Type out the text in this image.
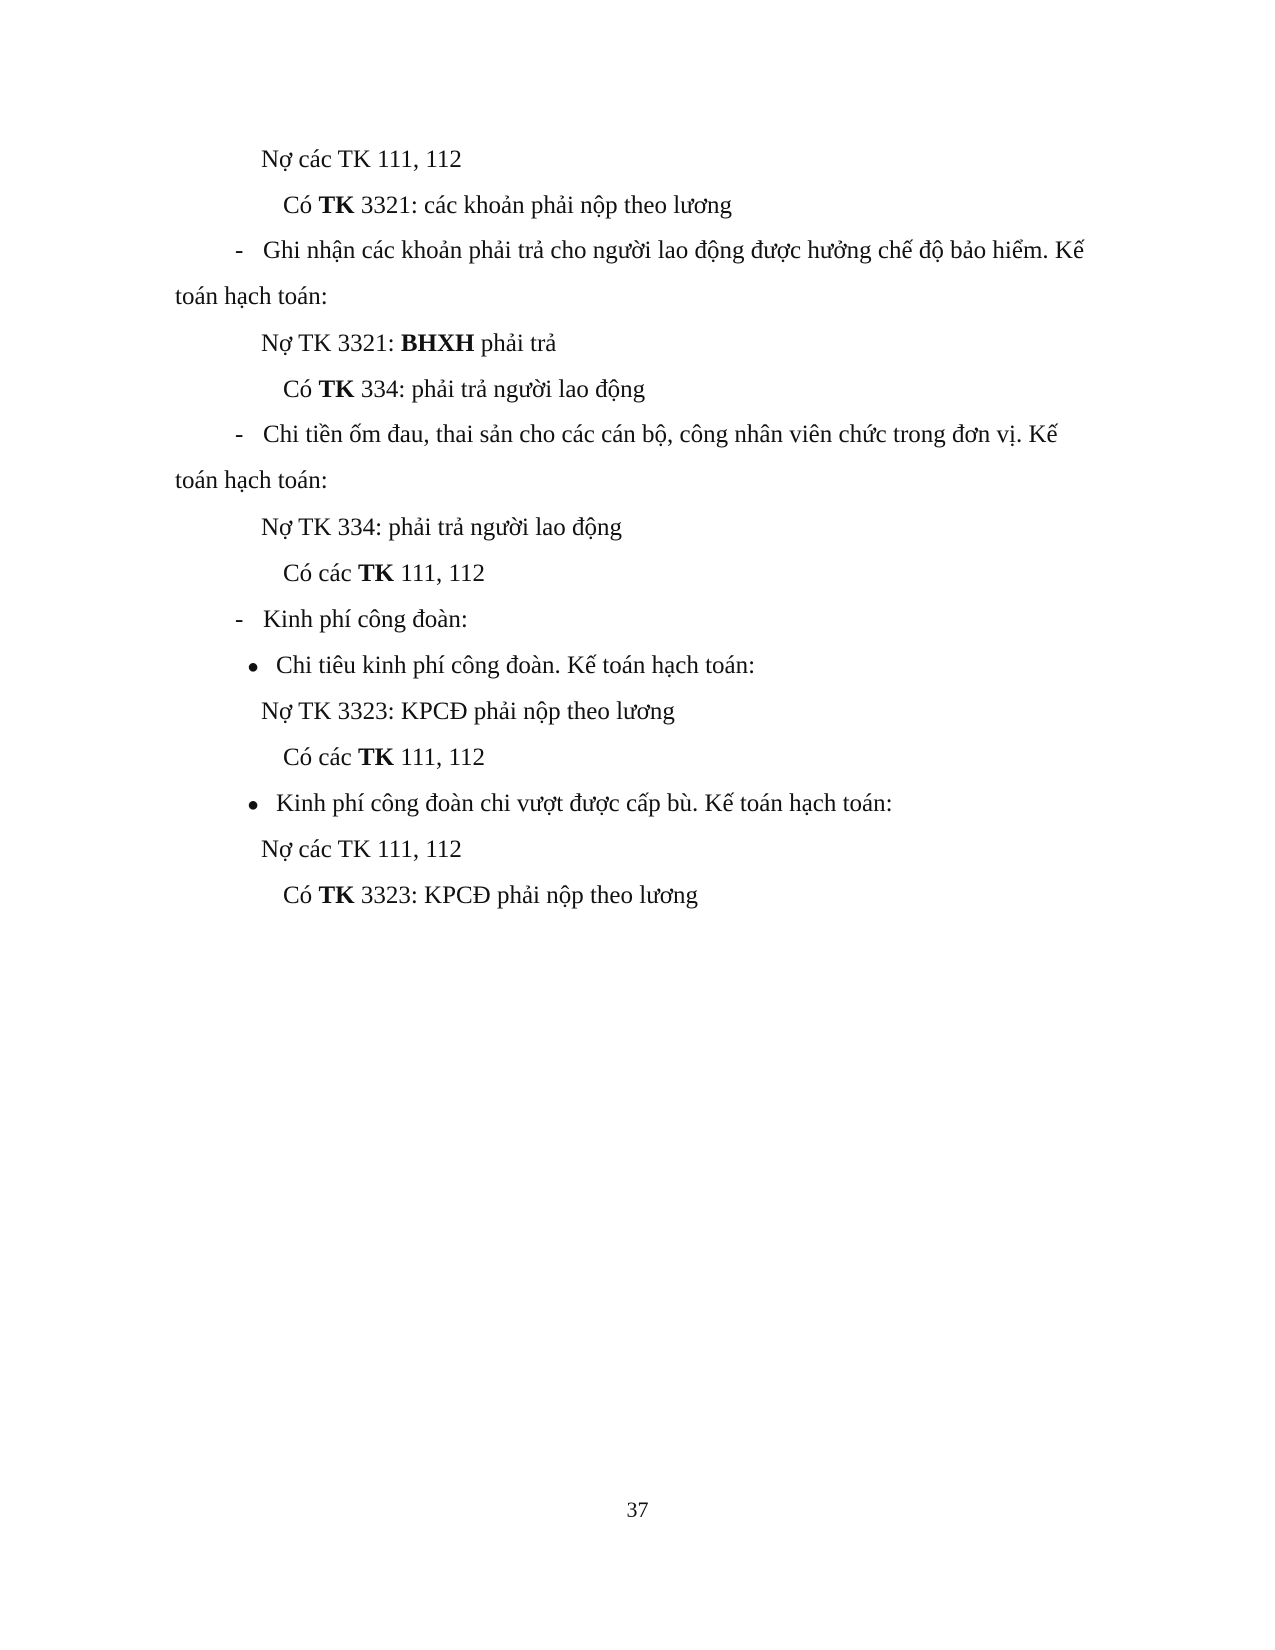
Nợ các TK 111, 112
Có TK 3321: các khoản phải nộp theo lương
- Ghi nhận các khoản phải trả cho người lao động được hưởng chế độ bảo hiểm. Kế
toán hạch toán:
Nợ TK 3321: BHXH phải trả
Có TK 334: phải trả người lao động
- Chi tiền ốm đau, thai sản cho các cán bộ, công nhân viên chức trong đơn vị. Kế
toán hạch toán:
Nợ TK 334: phải trả người lao động
Có các TK 111, 112
- Kinh phí công đoàn:
● Chi tiêu kinh phí công đoàn. Kế toán hạch toán:
Nợ TK 3323: KPCĐ phải nộp theo lương
Có các TK 111, 112
● Kinh phí công đoàn chi vượt được cấp bù. Kế toán hạch toán:
Nợ các TK 111, 112
Có TK 3323: KPCĐ phải nộp theo lương
37
